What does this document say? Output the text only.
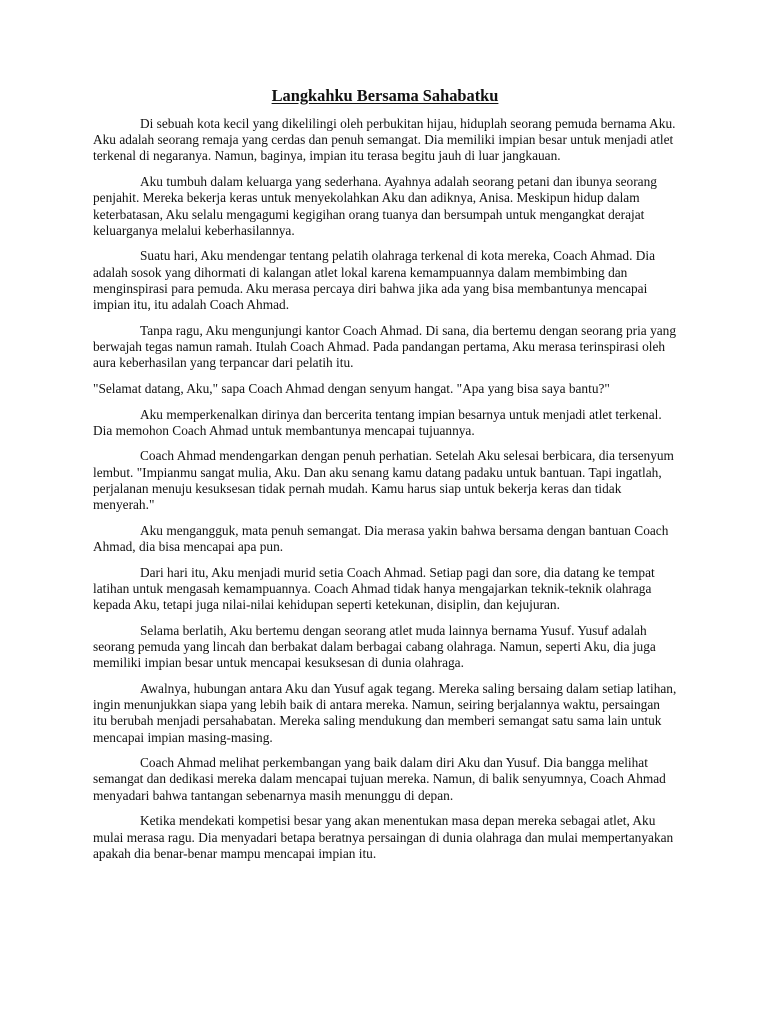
Langkahku Bersama Sahabatku

Di sebuah kota kecil yang dikelilingi oleh perbukitan hijau, hiduplah seorang pemuda bernama Aku. Aku adalah seorang remaja yang cerdas dan penuh semangat. Dia memiliki impian besar untuk menjadi atlet terkenal di negaranya. Namun, baginya, impian itu terasa begitu jauh di luar jangkauan.

Aku tumbuh dalam keluarga yang sederhana. Ayahnya adalah seorang petani dan ibunya seorang penjahit. Mereka bekerja keras untuk menyekolahkan Aku dan adiknya, Anisa. Meskipun hidup dalam keterbatasan, Aku selalu mengagumi kegigihan orang tuanya dan bersumpah untuk mengangkat derajat keluarganya melalui keberhasilannya.

Suatu hari, Aku mendengar tentang pelatih olahraga terkenal di kota mereka, Coach Ahmad. Dia adalah sosok yang dihormati di kalangan atlet lokal karena kemampuannya dalam membimbing dan menginspirasi para pemuda. Aku merasa percaya diri bahwa jika ada yang bisa membantunya mencapai impian itu, itu adalah Coach Ahmad.

Tanpa ragu, Aku mengunjungi kantor Coach Ahmad. Di sana, dia bertemu dengan seorang pria yang berwajah tegas namun ramah. Itulah Coach Ahmad. Pada pandangan pertama, Aku merasa terinspirasi oleh aura keberhasilan yang terpancar dari pelatih itu.

"Selamat datang, Aku," sapa Coach Ahmad dengan senyum hangat. "Apa yang bisa saya bantu?"

Aku memperkenalkan dirinya dan bercerita tentang impian besarnya untuk menjadi atlet terkenal. Dia memohon Coach Ahmad untuk membantunya mencapai tujuannya.

Coach Ahmad mendengarkan dengan penuh perhatian. Setelah Aku selesai berbicara, dia tersenyum lembut. "Impianmu sangat mulia, Aku. Dan aku senang kamu datang padaku untuk bantuan. Tapi ingatlah, perjalanan menuju kesuksesan tidak pernah mudah. Kamu harus siap untuk bekerja keras dan tidak menyerah."

Aku mengangguk, mata penuh semangat. Dia merasa yakin bahwa bersama dengan bantuan Coach Ahmad, dia bisa mencapai apa pun.

Dari hari itu, Aku menjadi murid setia Coach Ahmad. Setiap pagi dan sore, dia datang ke tempat latihan untuk mengasah kemampuannya. Coach Ahmad tidak hanya mengajarkan teknik-teknik olahraga kepada Aku, tetapi juga nilai-nilai kehidupan seperti ketekunan, disiplin, dan kejujuran.

Selama berlatih, Aku bertemu dengan seorang atlet muda lainnya bernama Yusuf. Yusuf adalah seorang pemuda yang lincah dan berbakat dalam berbagai cabang olahraga. Namun, seperti Aku, dia juga memiliki impian besar untuk mencapai kesuksesan di dunia olahraga.

Awalnya, hubungan antara Aku dan Yusuf agak tegang. Mereka saling bersaing dalam setiap latihan, ingin menunjukkan siapa yang lebih baik di antara mereka. Namun, seiring berjalannya waktu, persaingan itu berubah menjadi persahabatan. Mereka saling mendukung dan memberi semangat satu sama lain untuk mencapai impian masing-masing.

Coach Ahmad melihat perkembangan yang baik dalam diri Aku dan Yusuf. Dia bangga melihat semangat dan dedikasi mereka dalam mencapai tujuan mereka. Namun, di balik senyumnya, Coach Ahmad menyadari bahwa tantangan sebenarnya masih menunggu di depan.

Ketika mendekati kompetisi besar yang akan menentukan masa depan mereka sebagai atlet, Aku mulai merasa ragu. Dia menyadari betapa beratnya persaingan di dunia olahraga dan mulai mempertanyakan apakah dia benar-benar mampu mencapai impian itu.
